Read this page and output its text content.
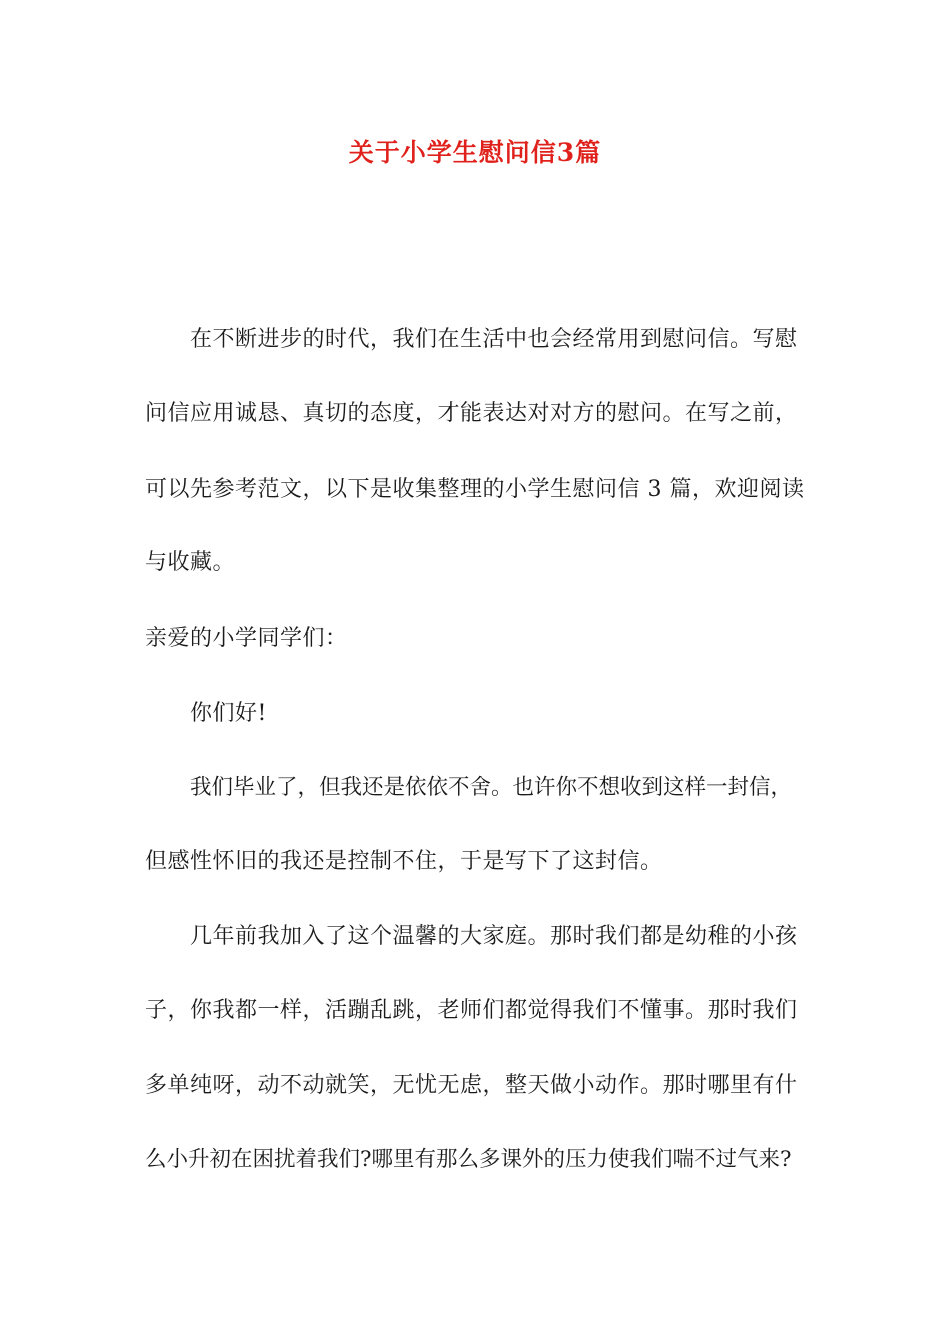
关于小学生慰问信3篇
在不断进步的时代，我们在生活中也会经常用到慰问信。写慰
问信应用诚恳、真切的态度，才能表达对对方的慰问。在写之前，
可以先参考范文，以下是收集整理的小学生慰问信 3 篇，欢迎阅读
与收藏。
亲爱的小学同学们：
你们好!
我们毕业了，但我还是依依不舍。也许你不想收到这样一封信，
但感性怀旧的我还是控制不住，于是写下了这封信。
几年前我加入了这个温馨的大家庭。那时我们都是幼稚的小孩
子，你我都一样，活蹦乱跳，老师们都觉得我们不懂事。那时我们
多单纯呀，动不动就笑，无忧无虑，整天做小动作。那时哪里有什
么小升初在困扰着我们?哪里有那么多课外的压力使我们喘不过气来?
